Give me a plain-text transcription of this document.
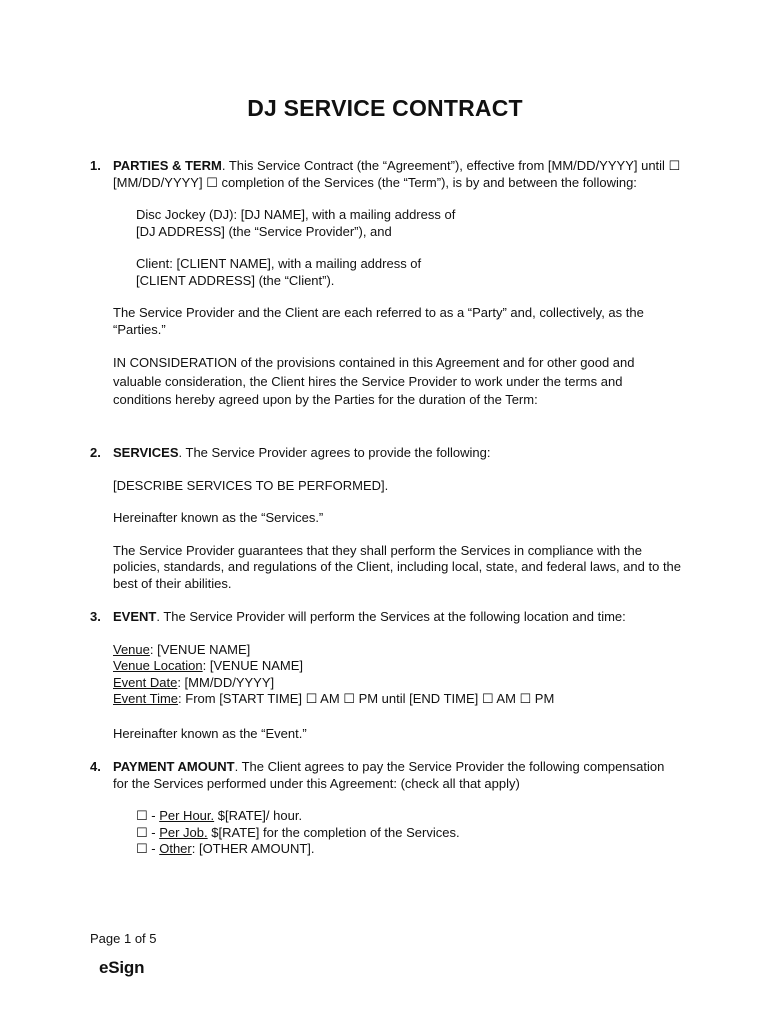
DJ SERVICE CONTRACT
1. PARTIES & TERM. This Service Contract (the “Agreement”), effective from [MM/DD/YYYY] until ☐ [MM/DD/YYYY] ☐ completion of the Services (the “Term”), is by and between the following:

Disc Jockey (DJ): [DJ NAME], with a mailing address of

[DJ ADDRESS] (the “Service Provider”), and

Client: [CLIENT NAME], with a mailing address of

[CLIENT ADDRESS] (the “Client”).

The Service Provider and the Client are each referred to as a “Party” and, collectively, as the “Parties.”

IN CONSIDERATION of the provisions contained in this Agreement and for other good and valuable consideration, the Client hires the Service Provider to work under the terms and conditions hereby agreed upon by the Parties for the duration of the Term:

2. SERVICES. The Service Provider agrees to provide the following:

[DESCRIBE SERVICES TO BE PERFORMED].

Hereinafter known as the “Services.”

The Service Provider guarantees that they shall perform the Services in compliance with the policies, standards, and regulations of the Client, including local, state, and federal laws, and to the best of their abilities.

3. EVENT. The Service Provider will perform the Services at the following location and time:

Venue: [VENUE NAME]

Venue Location: [VENUE NAME]

Event Date: [MM/DD/YYYY]

Event Time: From [START TIME] ☐ AM ☐ PM until [END TIME] ☐ AM ☐ PM

Hereinafter known as the “Event.”

4. PAYMENT AMOUNT. The Client agrees to pay the Service Provider the following compensation for the Services performed under this Agreement: (check all that apply)

☐ - Per Hour. $[RATE]/ hour.

☐ - Per Job. $[RATE] for the completion of the Services.

☐ - Other: [OTHER AMOUNT].

Page 1 of 5
eSign
